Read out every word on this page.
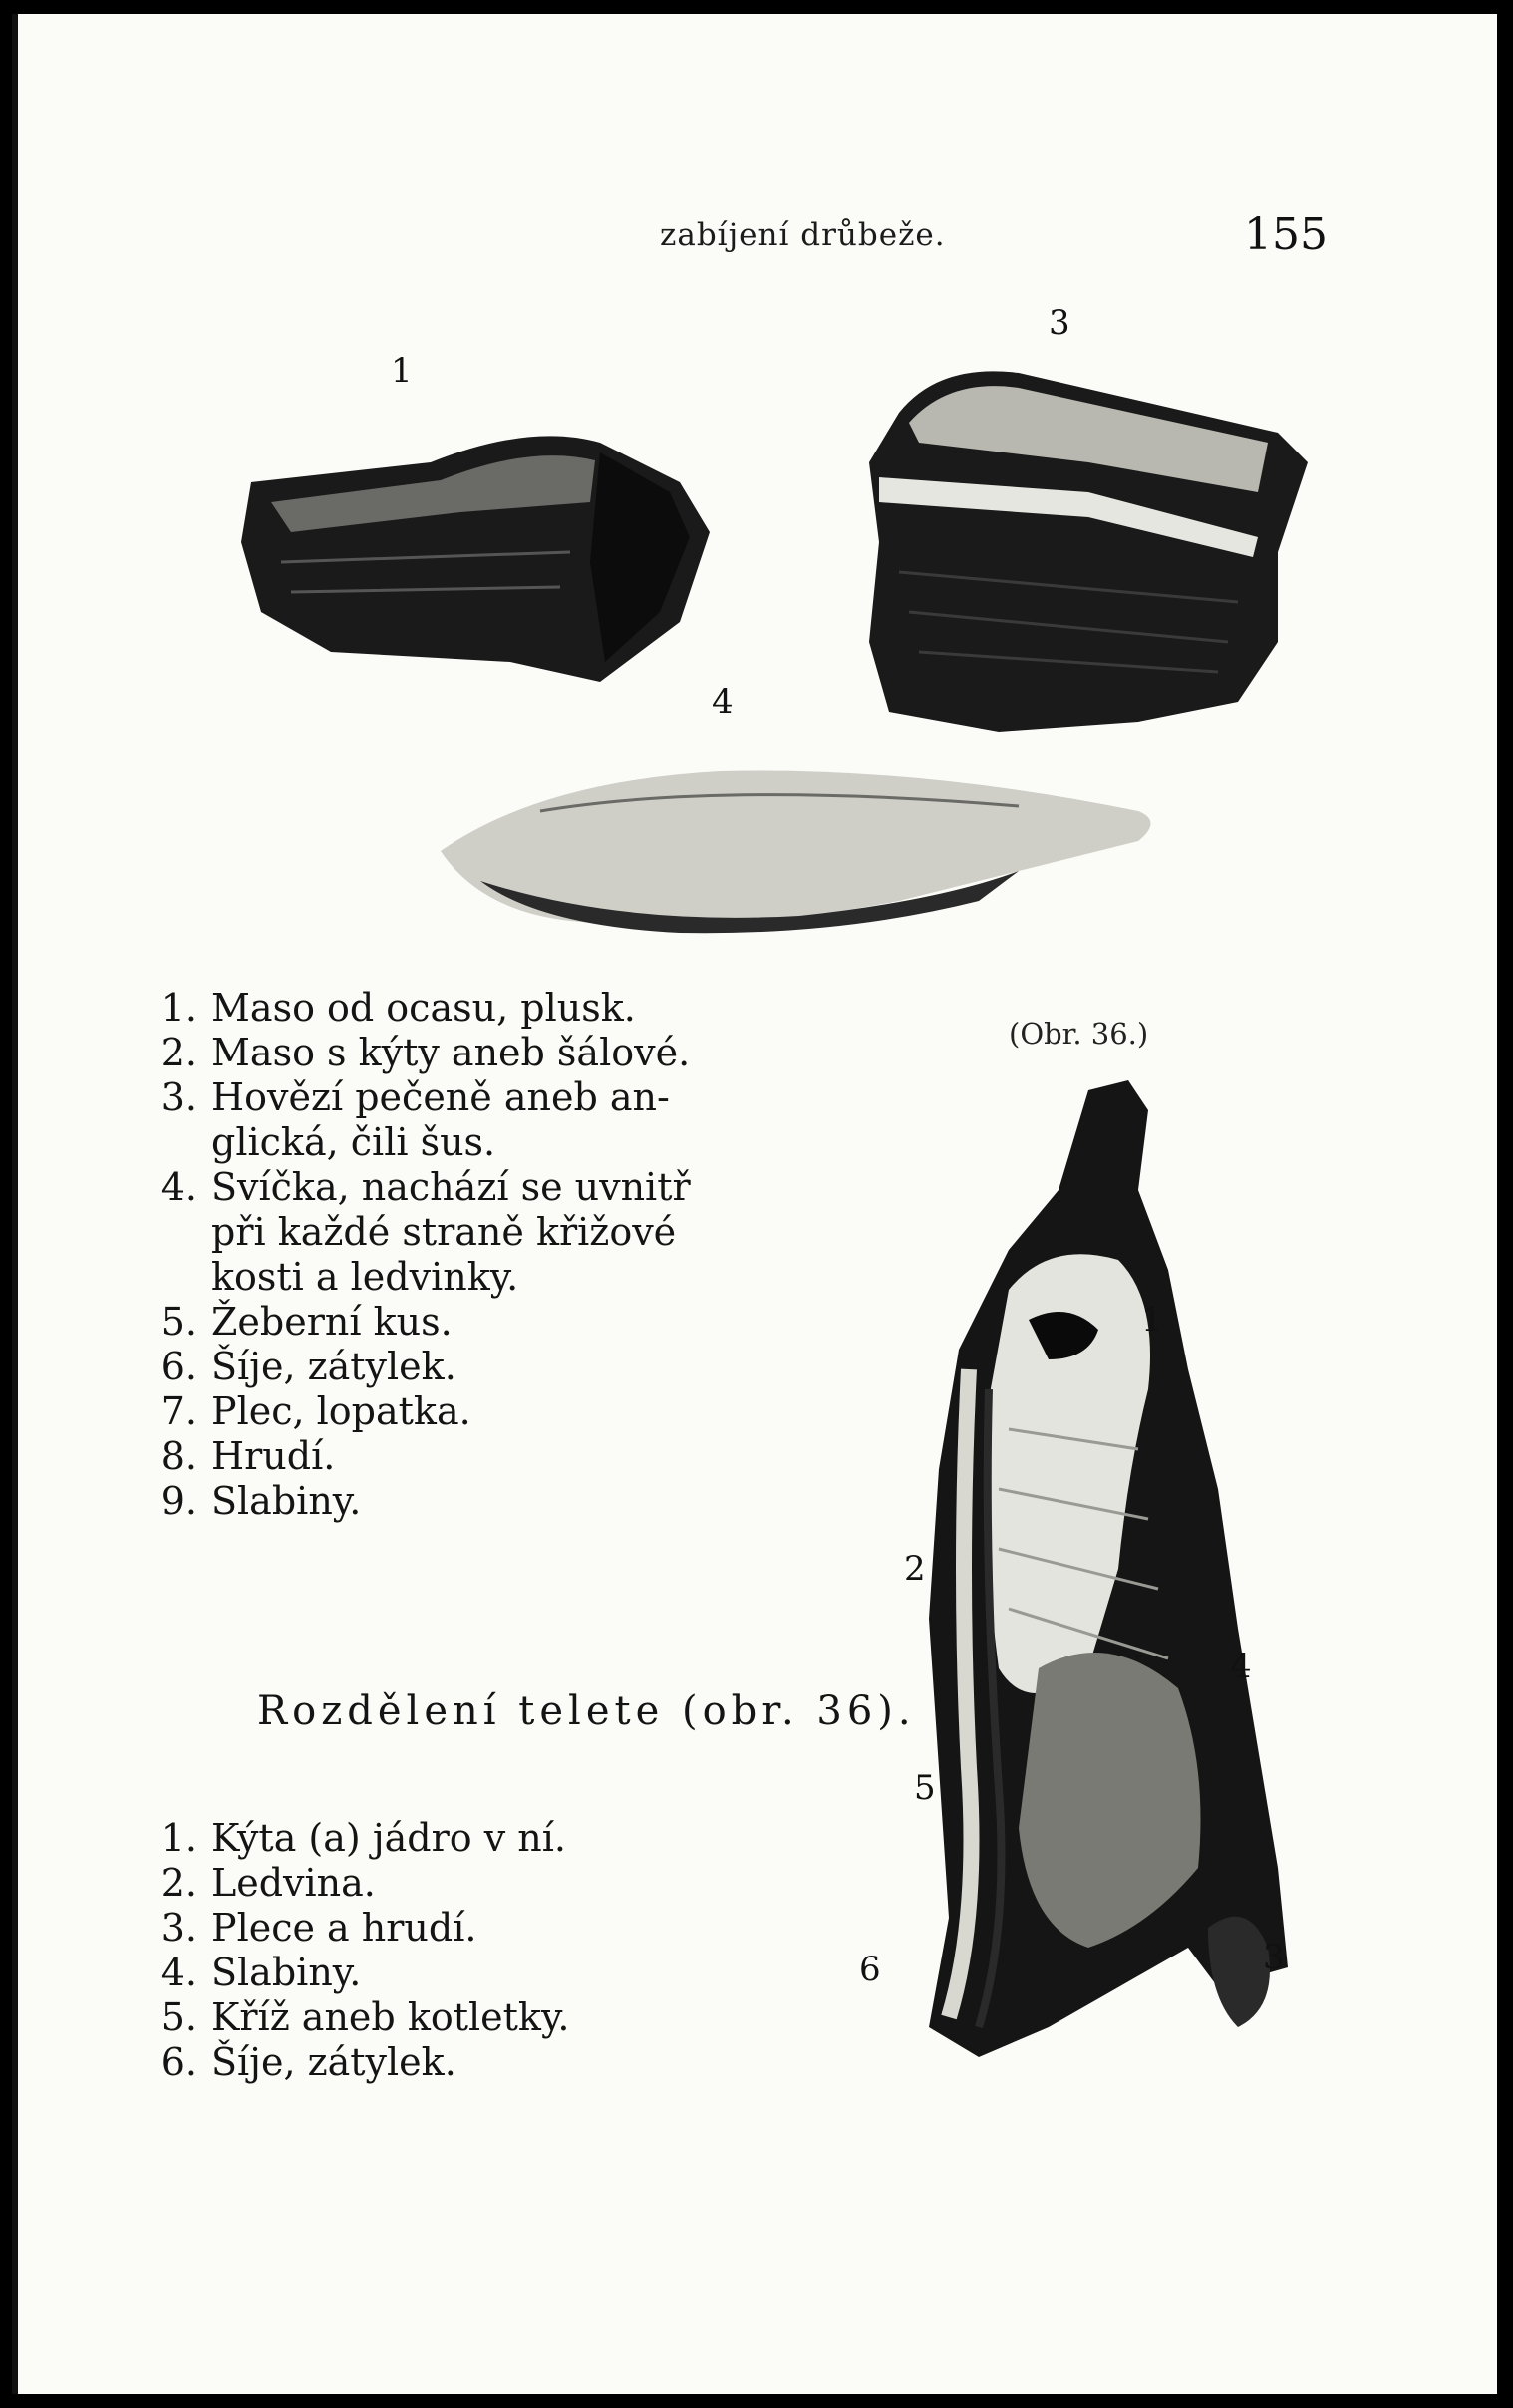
zabíjení drůbeže.	155
1
3
4
1. Maso od ocasu, plusk.
2. Maso s kýty aneb šálové.
3. Hovězí pečeně aneb an-
glická, čili šus.
4. Svíčka, nachází se uvnitř
při každé straně křižové
kosti a ledvinky.
5. Žeberní kus.
6. Šíje, zátylek.
7. Plec, lopatka.
8. Hrudí.
9. Slabiny.
(Obr. 36.)
1
2
4
5
6	3
Rozdělení telete (obr. 36).
1. Kýta (a) jádro v ní.
2. Ledvina.
3. Plece a hrudí.
4. Slabiny.
5. Kříž aneb kotletky.
6. Šíje, zátylek.
